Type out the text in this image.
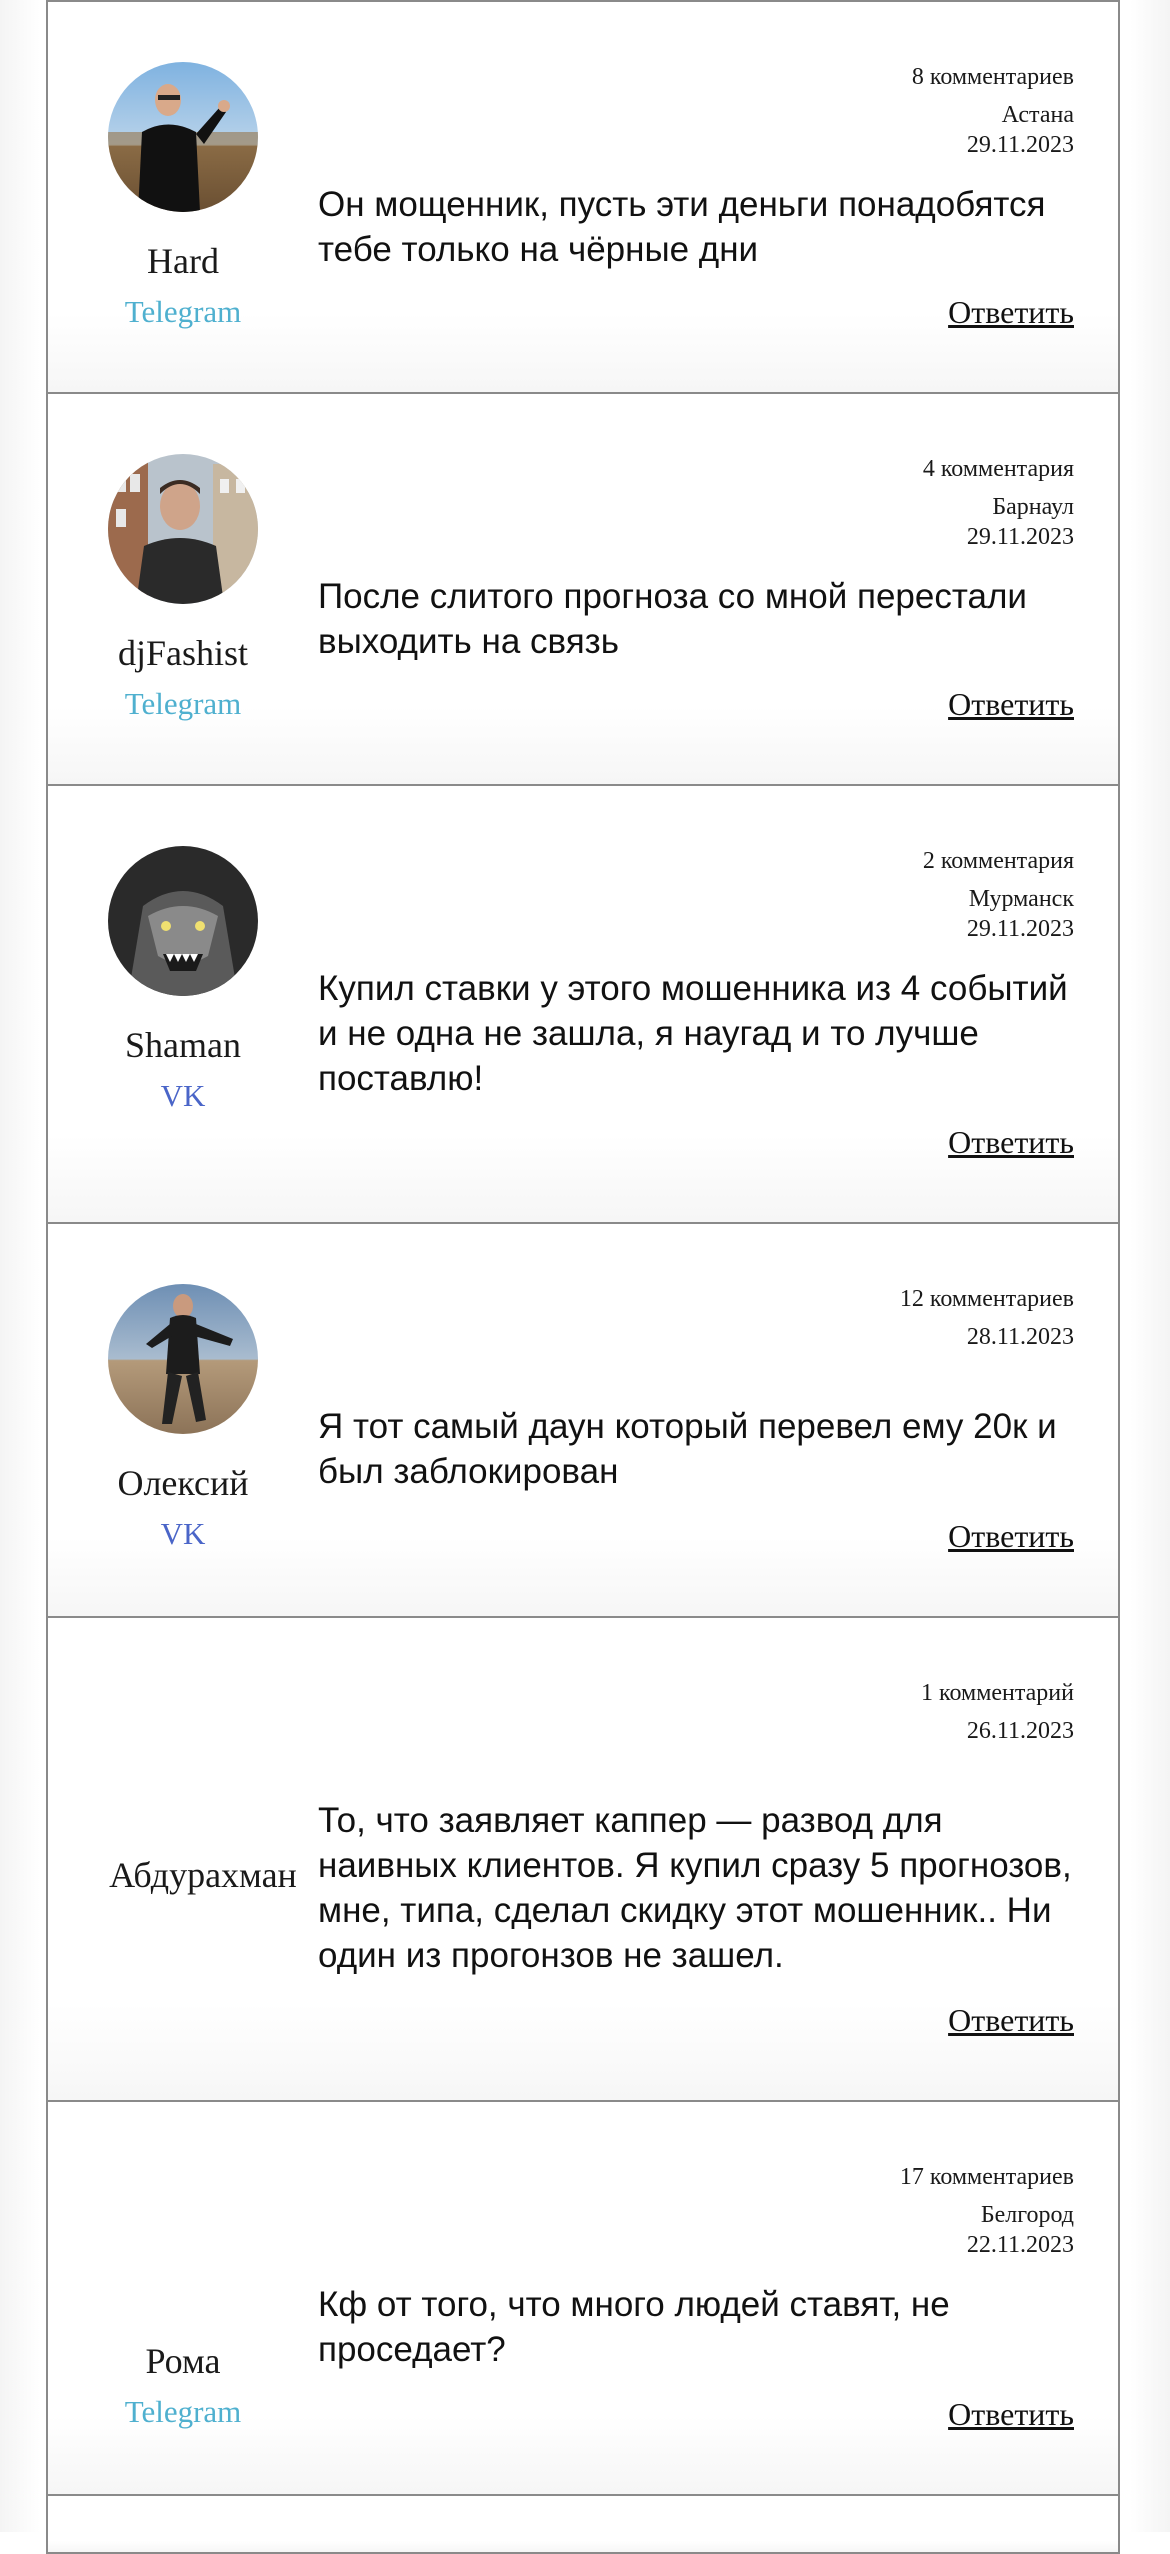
Hard
Telegram
8 комментариев
Астана
29.11.2023
Он мощенник, пусть эти деньги понадобятся тебе только на чёрные дни
Ответить
djFashist
Telegram
4 комментария
Барнаул
29.11.2023
После слитого прогноза со мной перестали выходить на связь
Ответить
Shaman
VK
2 комментария
Мурманск
29.11.2023
Купил ставки у этого мошенника из 4 событий и не одна не зашла, я наугад и то лучше поставлю!
Ответить
Олексий
VK
12 комментариев
28.11.2023
Я тот самый даун который перевел ему 20к и был заблокирован
Ответить
Абдурахман
1 комментарий
26.11.2023
То, что заявляет каппер — развод для наивных клиентов. Я купил сразу 5 прогнозов, мне, типа, сделал скидку этот мошенник.. Ни один из прогонзов не зашел.
Ответить
Рома
Telegram
17 комментариев
Белгород
22.11.2023
Кф от того, что много людей ставят, не проседает?
Ответить
